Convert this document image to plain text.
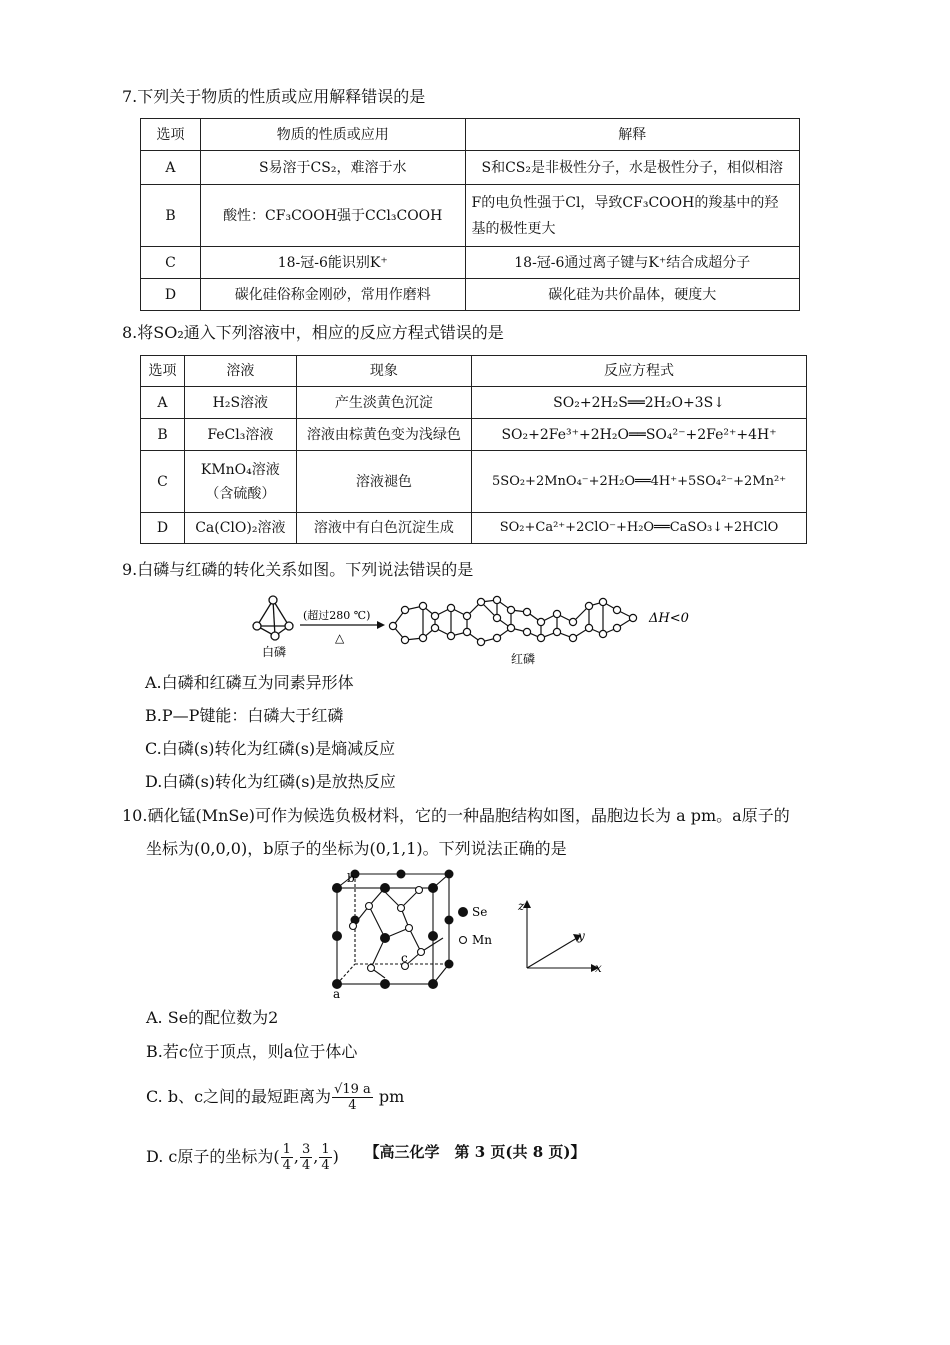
7.下列关于物质的性质或应用解释错误的是
选项	物质的性质或应用	解释
A	S易溶于CS₂，难溶于水	S和CS₂是非极性分子，水是极性分子，相似相溶
B	酸性：CF₃COOH强于CCl₃COOH	F的电负性强于Cl，导致CF₃COOH的羧基中的羟
基的极性更大

C	18-冠-6能识别K⁺	18-冠-6通过离子键与K⁺结合成超分子
D	碳化硅俗称金刚砂，常用作磨料	碳化硅为共价晶体，硬度大
8.将SO₂通入下列溶液中，相应的反应方程式错误的是
选项	溶液	现象	反应方程式
A	H₂S溶液	产生淡黄色沉淀	SO₂+2H₂S══2H₂O+3S↓
B	FeCl₃溶液	溶液由棕黄色变为浅绿色	SO₂+2Fe³⁺+2H₂O══SO₄²⁻+2Fe²⁺+4H⁺
C	KMnO₄溶液
（含硫酸）	溶液褪色	5SO₂+2MnO₄⁻+2H₂O══4H⁺+5SO₄²⁻+2Mn²⁺
D	Ca(ClO)₂溶液	溶液中有白色沉淀生成	SO₂+Ca²⁺+2ClO⁻+H₂O══CaSO₃↓+2HClO
9.白磷与红磷的转化关系如图。下列说法错误的是
白磷
(超过280 ℃)
△
红磷
ΔH<0
A.白磷和红磷互为同素异形体
B.P—P键能：白磷大于红磷
C.白磷(s)转化为红磷(s)是熵减反应
D.白磷(s)转化为红磷(s)是放热反应
10.硒化锰(MnSe)可作为候选负极材料，它的一种晶胞结构如图，晶胞边长为 a pm。a原子的
坐标为(0,0,0)，b原子的坐标为(0,1,1)。下列说法正确的是
b
c
a
Se
Mn
z
y
x
A. Se的配位数为2
B.若c位于顶点，则a位于体心
C. b、c之间的最短距离为 $\frac{√19 a}{4}$ pm
D. c原子的坐标为( $\frac{1}{4}$ , $\frac{3}{4}$ , $\frac{1}{4}$ )	【高三化学　第 3 页(共 8 页)】
